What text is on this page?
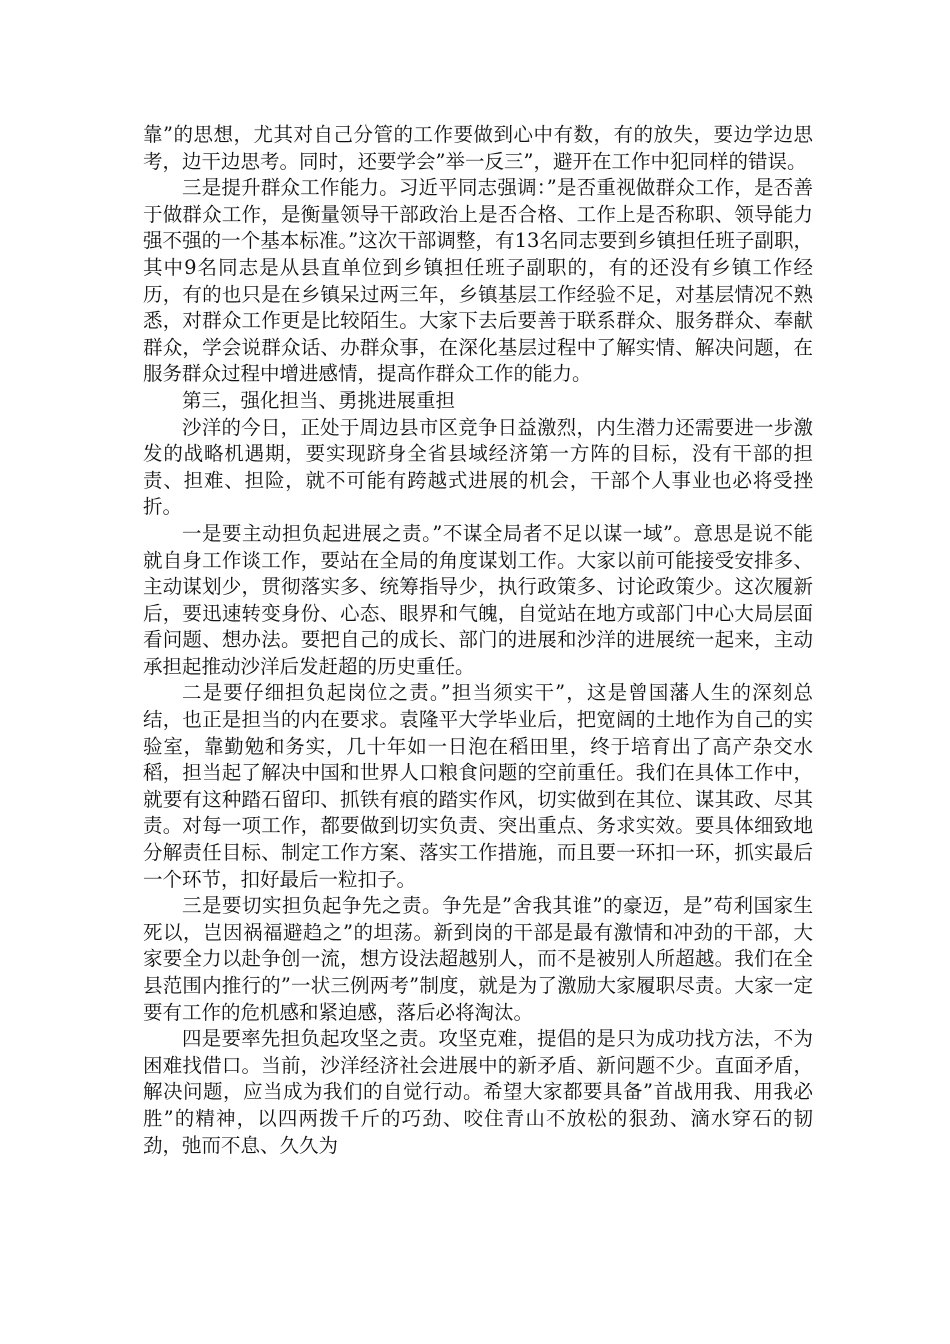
靠”的思想，尤其对自己分管的工作要做到心中有数，有的放失，要边学边思考，边干边思考。同时，还要学会”举一反三”，避开在工作中犯同样的错误。

三是提升群众工作能力。习近平同志强调：”是否重视做群众工作，是否善于做群众工作，是衡量领导干部政治上是否合格、工作上是否称职、领导能力强不强的一个基本标准。”这次干部调整，有13名同志要到乡镇担任班子副职，其中9名同志是从县直单位到乡镇担任班子副职的，有的还没有乡镇工作经历，有的也只是在乡镇呆过两三年，乡镇基层工作经验不足，对基层情况不熟悉，对群众工作更是比较陌生。大家下去后要善于联系群众、服务群众、奉献群众，学会说群众话、办群众事，在深化基层过程中了解实情、解决问题，在服务群众过程中增进感情，提高作群众工作的能力。

第三，强化担当、勇挑进展重担

沙洋的今日，正处于周边县市区竞争日益激烈，内生潜力还需要进一步激发的战略机遇期，要实现跻身全省县域经济第一方阵的目标，没有干部的担责、担难、担险，就不可能有跨越式进展的机会，干部个人事业也必将受挫折。

一是要主动担负起进展之责。”不谋全局者不足以谋一域”。意思是说不能就自身工作谈工作，要站在全局的角度谋划工作。大家以前可能接受安排多、主动谋划少，贯彻落实多、统筹指导少，执行政策多、讨论政策少。这次履新后，要迅速转变身份、心态、眼界和气魄，自觉站在地方或部门中心大局层面看问题、想办法。要把自己的成长、部门的进展和沙洋的进展统一起来，主动承担起推动沙洋后发赶超的历史重任。

二是要仔细担负起岗位之责。”担当须实干”，这是曾国藩人生的深刻总结，也正是担当的内在要求。袁隆平大学毕业后，把宽阔的土地作为自己的实验室，靠勤勉和务实，几十年如一日泡在稻田里，终于培育出了高产杂交水稻，担当起了解决中国和世界人口粮食问题的空前重任。我们在具体工作中，就要有这种踏石留印、抓铁有痕的踏实作风，切实做到在其位、谋其政、尽其责。对每一项工作，都要做到切实负责、突出重点、务求实效。要具体细致地分解责任目标、制定工作方案、落实工作措施，而且要一环扣一环，抓实最后一个环节，扣好最后一粒扣子。

三是要切实担负起争先之责。争先是”舍我其谁”的豪迈，是”苟利国家生死以，岂因祸福避趋之”的坦荡。新到岗的干部是最有激情和冲劲的干部，大家要全力以赴争创一流，想方设法超越别人，而不是被别人所超越。我们在全县范围内推行的”一状三例两考”制度，就是为了激励大家履职尽责。大家一定要有工作的危机感和紧迫感，落后必将淘汰。

四是要率先担负起攻坚之责。攻坚克难，提倡的是只为成功找方法，不为困难找借口。当前，沙洋经济社会进展中的新矛盾、新问题不少。直面矛盾，解决问题，应当成为我们的自觉行动。希望大家都要具备”首战用我、用我必胜”的精神，以四两拨千斤的巧劲、咬住青山不放松的狠劲、滴水穿石的韧劲，弛而不息、久久为
